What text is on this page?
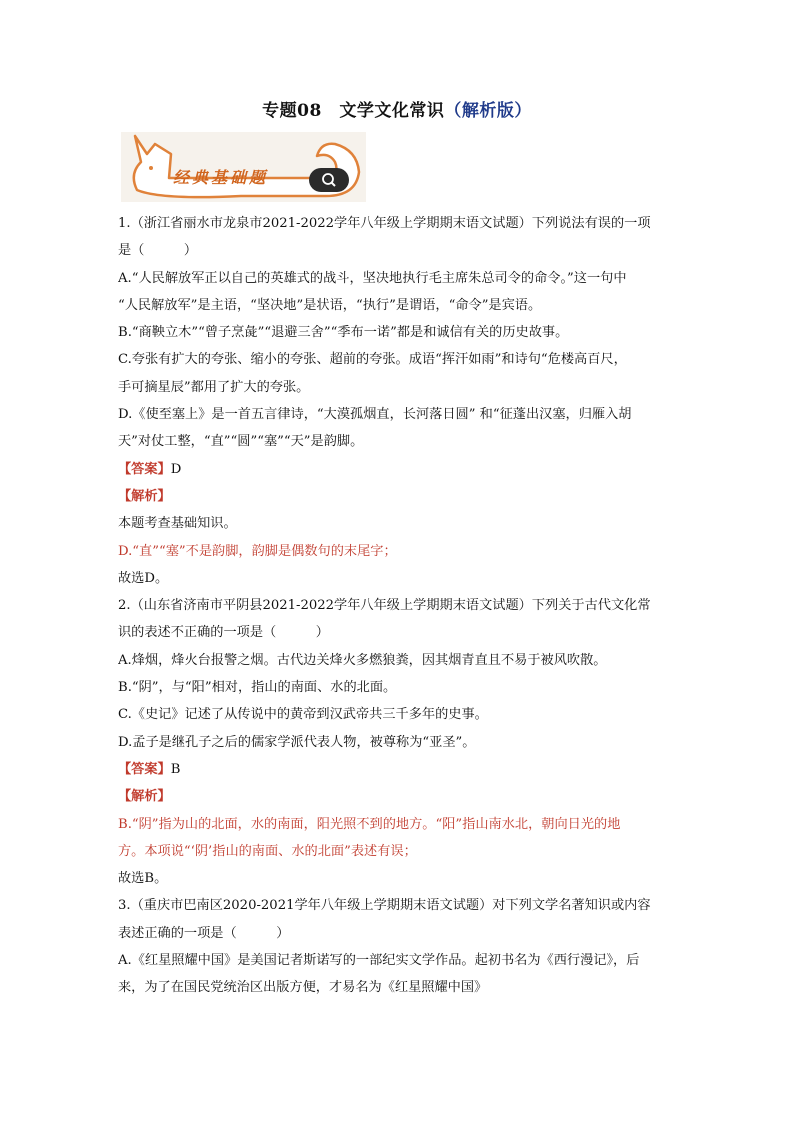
专题08　文学文化常识（解析版）
经典基础题
1.（浙江省丽水市龙泉市2021-2022学年八年级上学期期末语文试题）下列说法有误的一项
是（　　　）
A.“人民解放军正以自己的英雄式的战斗，坚决地执行毛主席朱总司令的命令。”这一句中
“人民解放军”是主语，“坚决地”是状语，“执行”是谓语，“命令”是宾语。
B.“商鞅立木”“曾子烹彘”“退避三舍”“季布一诺”都是和诚信有关的历史故事。
C.夸张有扩大的夸张、缩小的夸张、超前的夸张。成语“挥汗如雨”和诗句“危楼高百尺，
手可摘星辰”都用了扩大的夸张。
D.《使至塞上》是一首五言律诗，“大漠孤烟直，长河落日圆” 和“征蓬出汉塞，归雁入胡
天”对仗工整，“直”“圆”“塞”“天”是韵脚。
【答案】D
【解析】
本题考查基础知识。
D.“直”“塞”不是韵脚，韵脚是偶数句的末尾字；
故选D。
2.（山东省济南市平阴县2021-2022学年八年级上学期期末语文试题）下列关于古代文化常
识的表述不正确的一项是（　　　）
A.烽烟，烽火台报警之烟。古代边关烽火多燃狼粪，因其烟青直且不易于被风吹散。
B.“阴”，与“阳”相对，指山的南面、水的北面。
C.《史记》记述了从传说中的黄帝到汉武帝共三千多年的史事。
D.孟子是继孔子之后的儒家学派代表人物，被尊称为“亚圣”。
【答案】B
【解析】
B.“阴”指为山的北面，水的南面，阳光照不到的地方。“阳”指山南水北，朝向日光的地
方。本项说“‘阴’指山的南面、水的北面”表述有误；
故选B。
3.（重庆市巴南区2020-2021学年八年级上学期期末语文试题）对下列文学名著知识或内容
表述正确的一项是（　　　）
A.《红星照耀中国》是美国记者斯诺写的一部纪实文学作品。起初书名为《西行漫记》，后
来，为了在国民党统治区出版方便，才易名为《红星照耀中国》
